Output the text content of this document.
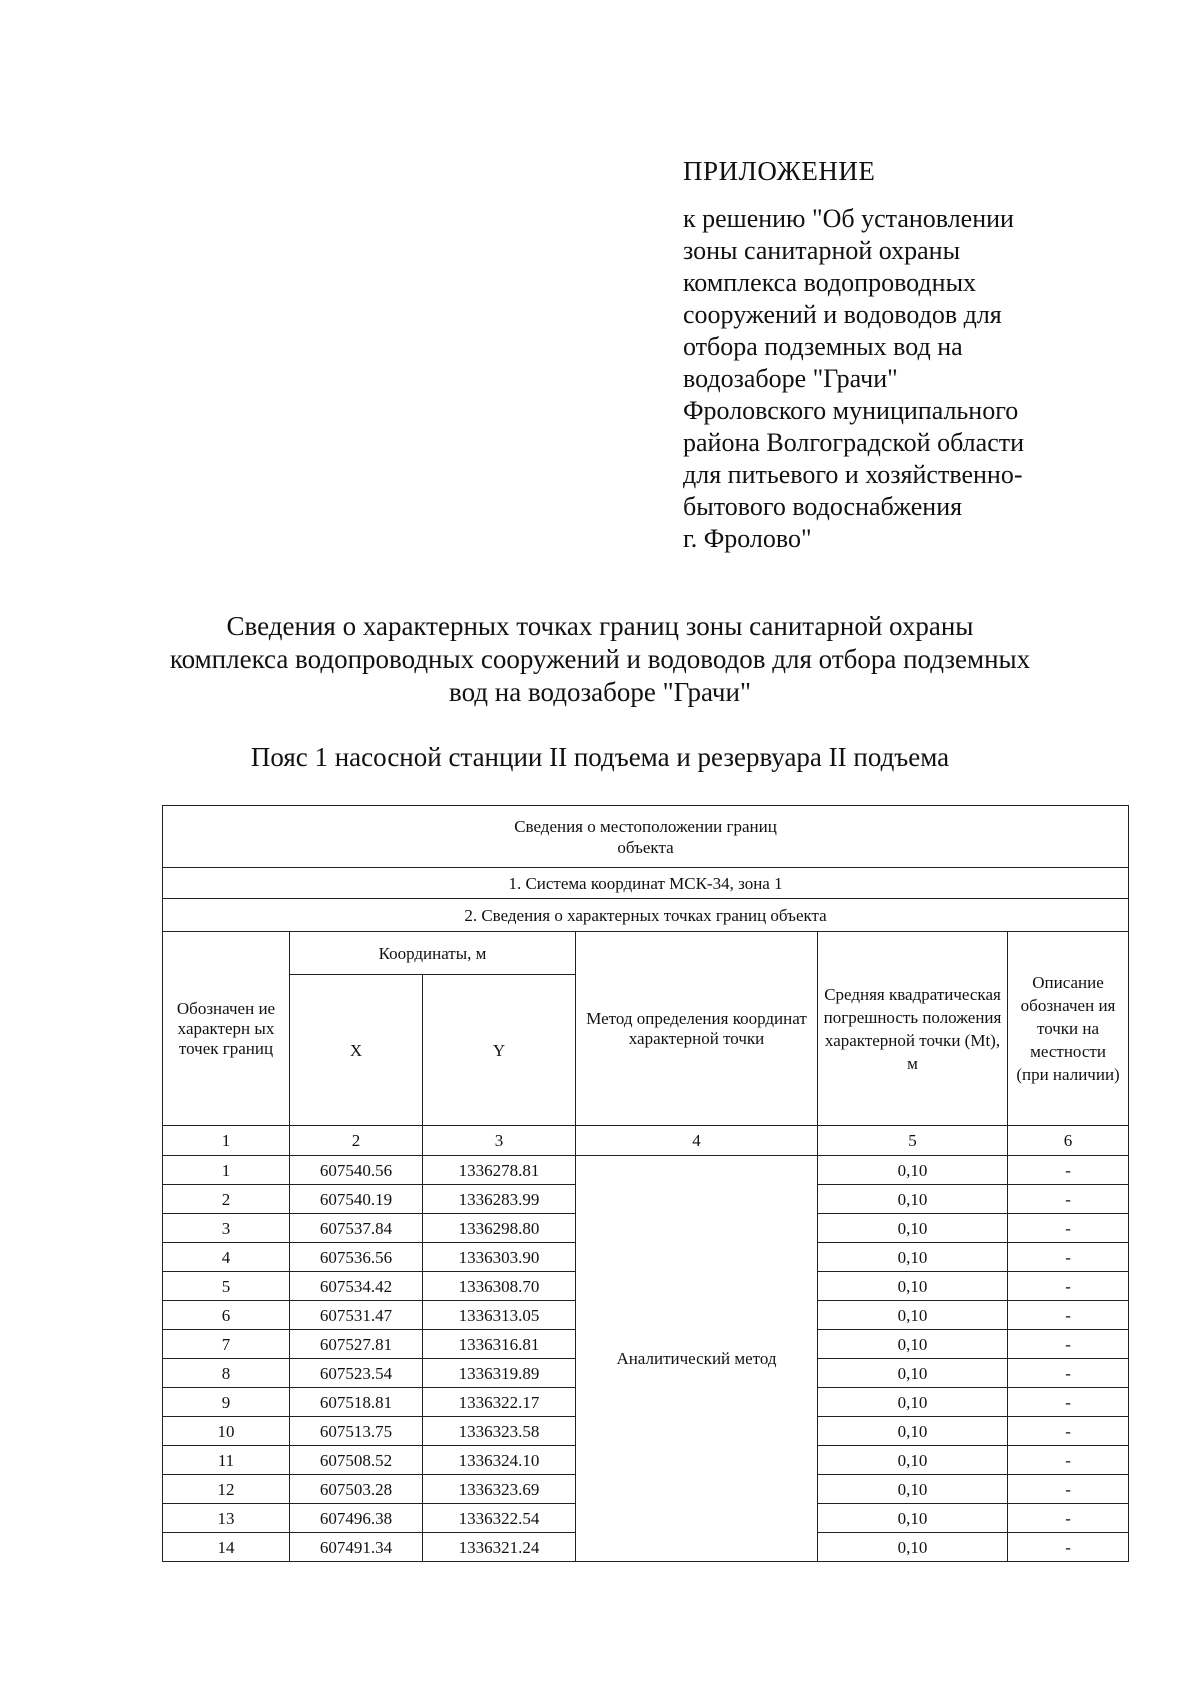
ПРИЛОЖЕНИЕ
к решению "Об установлении
зоны санитарной охраны
комплекса водопроводных
сооружений и водоводов для
отбора подземных вод на
водозаборе "Грачи"
Фроловского муниципального
района Волгоградской области
для питьевого и хозяйственно-
бытового водоснабжения
г. Фролово"
Сведения о характерных точках границ зоны санитарной охраны
комплекса водопроводных сооружений и водоводов для отбора подземных
вод на водозаборе "Грачи"
Пояс 1 насосной станции II подъема и резервуара II подъема
Сведения о местоположении границ
объекта					

1. Система координат МСК-34, зона 1					
2. Сведения о характерных точках границ объекта					
Обозначен ие характерн ых точек границ	Координаты, м		Метод определения координат характерной точки	Средняя квадратическая погрешность положения характерной точки (Mt), м	Описание обозначен ия точки на местности (при наличии)
	X	Y			
1	2	3	4	5	6
1	607540.56	1336278.81	Аналитический метод	0,10	-
2	607540.19	1336283.99		0,10	-
3	607537.84	1336298.80		0,10	-
4	607536.56	1336303.90		0,10	-
5	607534.42	1336308.70		0,10	-
6	607531.47	1336313.05		0,10	-
7	607527.81	1336316.81		0,10	-
8	607523.54	1336319.89		0,10	-
9	607518.81	1336322.17		0,10	-
10	607513.75	1336323.58		0,10	-
11	607508.52	1336324.10		0,10	-
12	607503.28	1336323.69		0,10	-
13	607496.38	1336322.54		0,10	-
14	607491.34	1336321.24		0,10	-
